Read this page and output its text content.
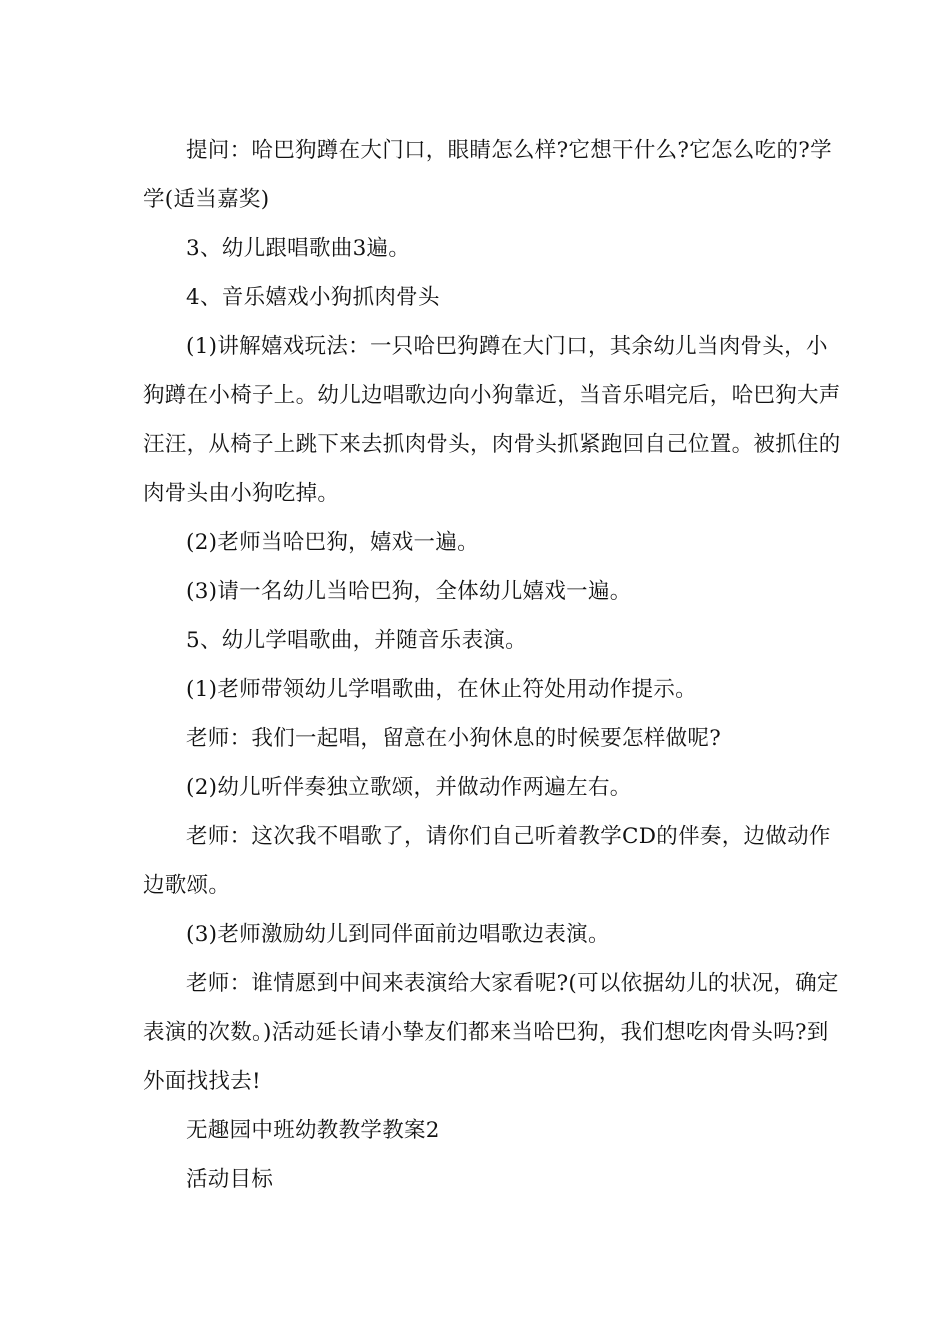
提问：哈巴狗蹲在大门口，眼睛怎么样?它想干什么?它怎么吃的?学学(适当嘉奖)

3、幼儿跟唱歌曲3遍。

4、音乐嬉戏小狗抓肉骨头

(1)讲解嬉戏玩法：一只哈巴狗蹲在大门口，其余幼儿当肉骨头，小狗蹲在小椅子上。幼儿边唱歌边向小狗靠近，当音乐唱完后，哈巴狗大声汪汪，从椅子上跳下来去抓肉骨头，肉骨头抓紧跑回自己位置。被抓住的肉骨头由小狗吃掉。

(2)老师当哈巴狗，嬉戏一遍。

(3)请一名幼儿当哈巴狗，全体幼儿嬉戏一遍。

5、幼儿学唱歌曲，并随音乐表演。

(1)老师带领幼儿学唱歌曲，在休止符处用动作提示。

老师：我们一起唱，留意在小狗休息的时候要怎样做呢?

(2)幼儿听伴奏独立歌颂，并做动作两遍左右。

老师：这次我不唱歌了，请你们自己听着教学CD的伴奏，边做动作边歌颂。

(3)老师激励幼儿到同伴面前边唱歌边表演。

老师：谁情愿到中间来表演给大家看呢?(可以依据幼儿的状况，确定表演的次数。)活动延长请小挚友们都来当哈巴狗，我们想吃肉骨头吗?到外面找找去!

无趣园中班幼教教学教案2

活动目标
